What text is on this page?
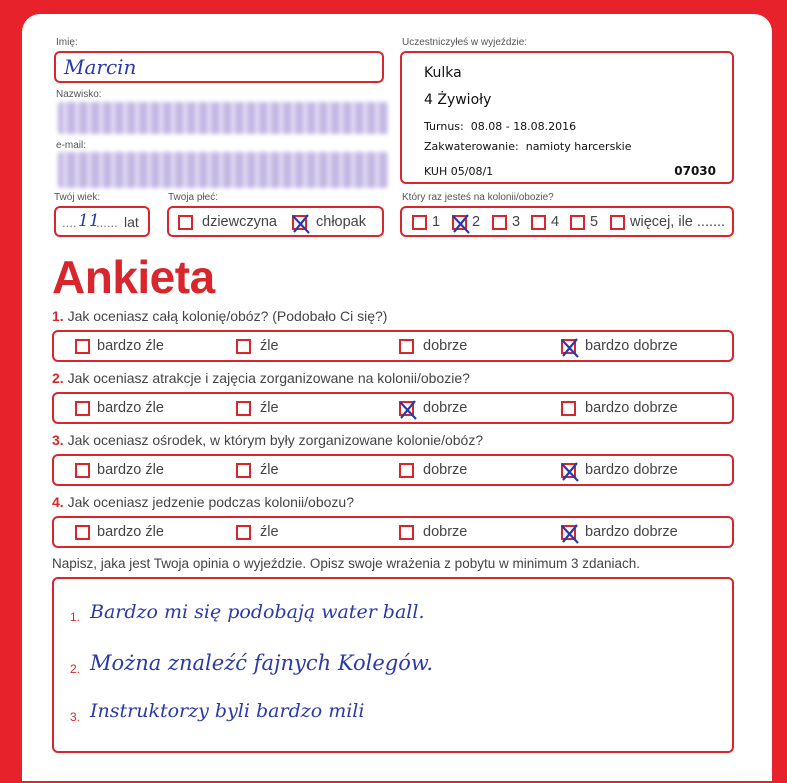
Imię:
Marcin
Nazwisko:
e-mail:
Uczestniczyłeś w wyjeździe:
Kulka
4 Żywioły
Turnus: 08.08 - 18.08.2016
Zakwaterowanie: namioty harcerskie
KUH 05/08/1	07030
Twój wiek:
.... 11
...... lat
Twoja płeć:
dziewczyna	chłopak
Który raz jesteś na kolonii/obozie?
1 2 3 4 5 więcej, ile .......
Ankieta
1. Jak oceniasz całą kolonię/obóz? (Podobało Ci się?)
bardzo źle	źle	dobrze	bardzo dobrze
2. Jak oceniasz atrakcje i zajęcia zorganizowane na kolonii/obozie?
bardzo źle	źle	dobrze	bardzo dobrze
3. Jak oceniasz ośrodek, w którym były zorganizowane kolonie/obóz?
bardzo źle	źle	dobrze	bardzo dobrze
4. Jak oceniasz jedzenie podczas kolonii/obozu?
bardzo źle	źle	dobrze	bardzo dobrze
Napisz, jaka jest Twoja opinia o wyjeździe. Opisz swoje wrażenia z pobytu w minimum 3 zdaniach.
1. Bardzo mi się podobają water ball.
2. Można znaleźć fajnych Kolegów.
3. Instruktorzy byli bardzo mili
